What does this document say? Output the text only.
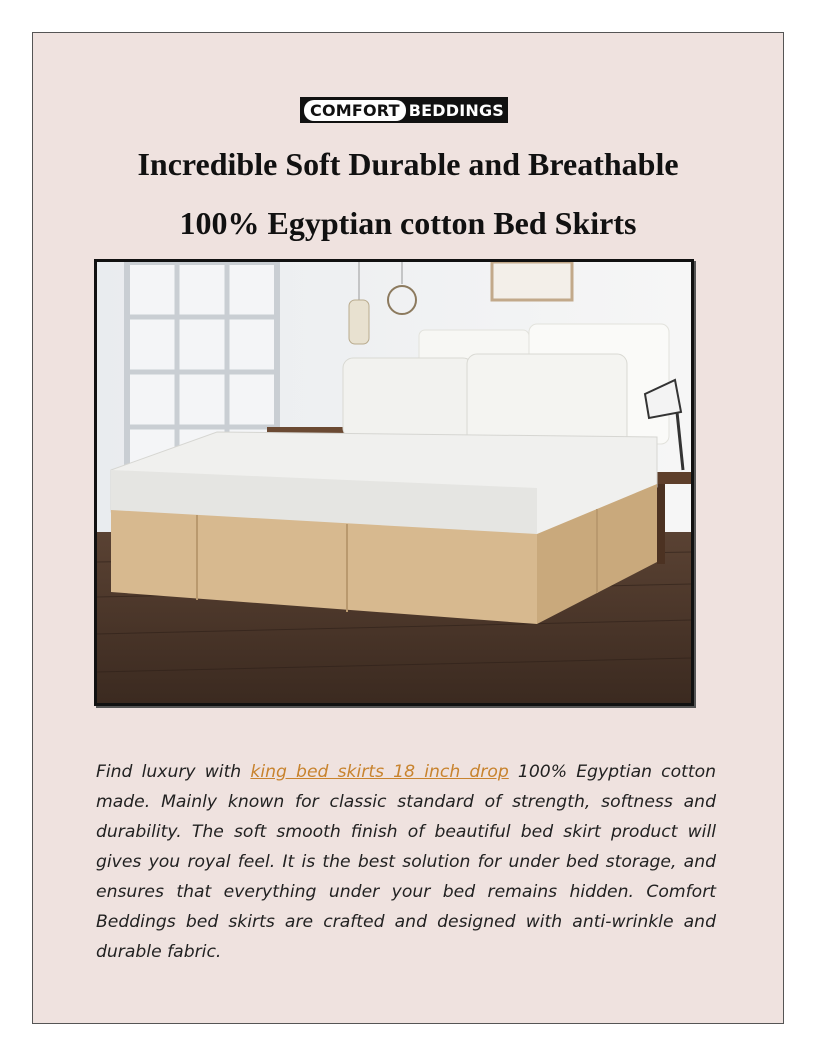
COMFORT BEDDINGS
Incredible Soft Durable and Breathable
100% Egyptian cotton Bed Skirts

Find luxury with king bed skirts 18 inch drop 100% Egyptian cotton made. Mainly known for classic standard of strength, softness and durability. The soft smooth finish of beautiful bed skirt product will gives you royal feel. It is the best solution for under bed storage, and ensures that everything under your bed remains hidden. Comfort Beddings bed skirts are crafted and designed with anti-wrinkle and durable fabric.
